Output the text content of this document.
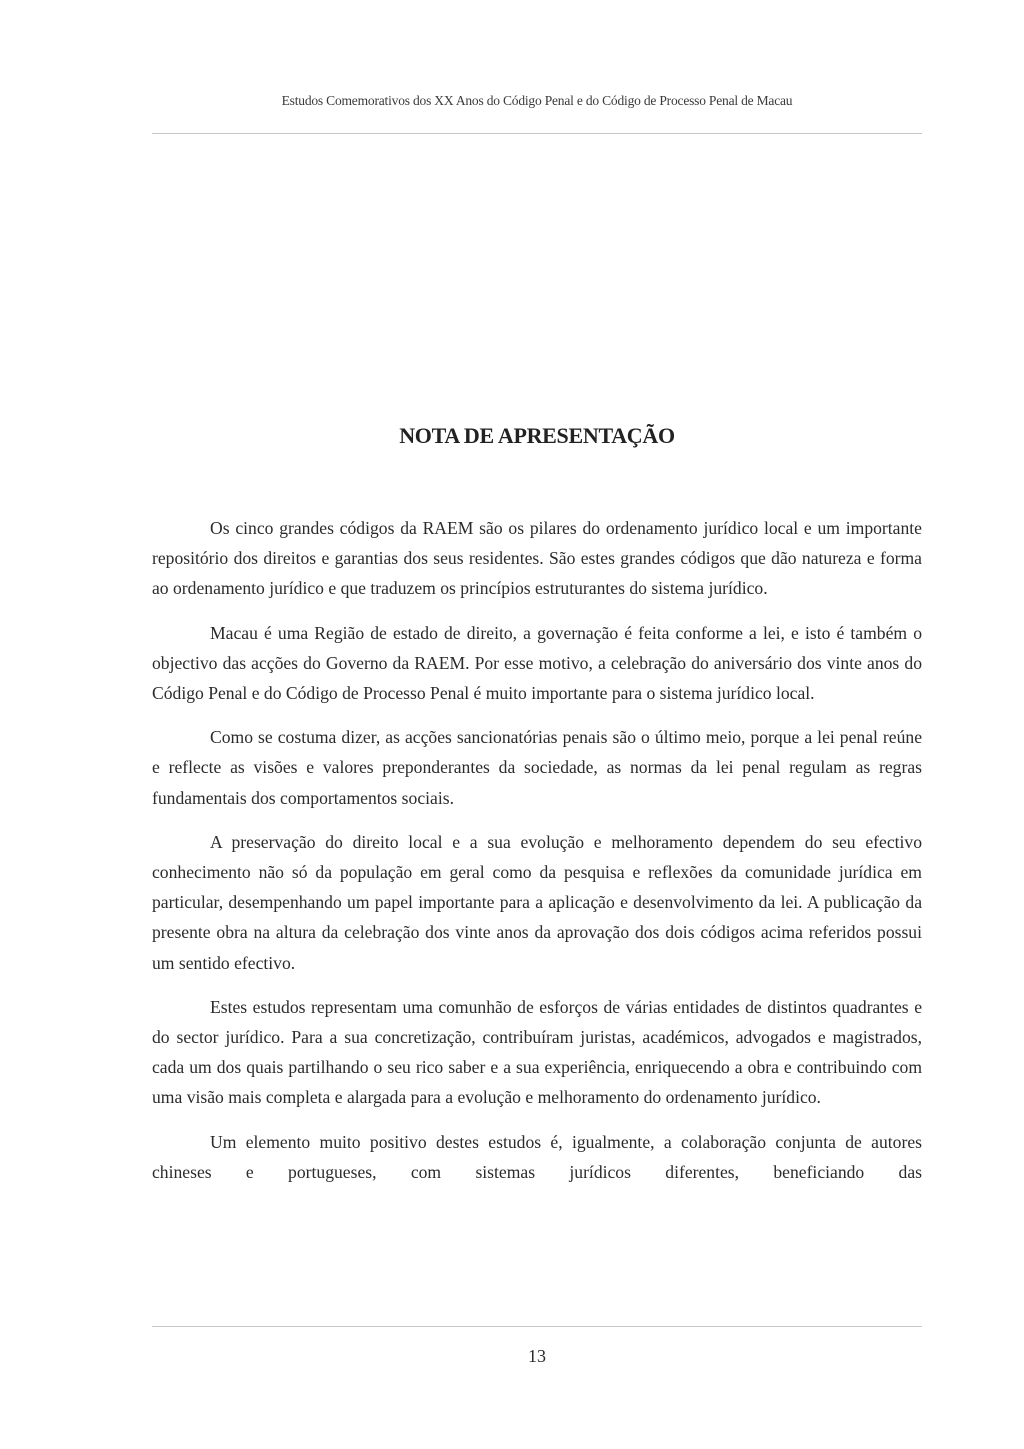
Estudos Comemorativos dos XX Anos do Código Penal e do Código de Processo Penal de Macau
NOTA DE APRESENTAÇÃO

Os cinco grandes códigos da RAEM são os pilares do ordenamento jurídico local e um importante repositório dos direitos e garantias dos seus residentes. São estes grandes códigos que dão natureza e forma ao ordenamento jurídico e que traduzem os princípios estruturantes do sistema jurídico.

Macau é uma Região de estado de direito, a governação é feita conforme a lei, e isto é também o objectivo das acções do Governo da RAEM. Por esse motivo, a celebração do aniversário dos vinte anos do Código Penal e do Código de Processo Penal é muito importante para o sistema jurídico local.

Como se costuma dizer, as acções sancionatórias penais são o último meio, porque a lei penal reúne e reflecte as visões e valores preponderantes da sociedade, as normas da lei penal regulam as regras fundamentais dos comportamentos sociais.

A preservação do direito local e a sua evolução e melhoramento dependem do seu efectivo conhecimento não só da população em geral como da pesquisa e reflexões da comunidade jurídica em particular, desempenhando um papel importante para a aplicação e desenvolvimento da lei. A publicação da presente obra na altura da celebração dos vinte anos da aprovação dos dois códigos acima referidos possui um sentido efectivo.

Estes estudos representam uma comunhão de esforços de várias entidades de distintos quadrantes e do sector jurídico. Para a sua concretização, contribuíram juristas, académicos, advogados e magistrados, cada um dos quais partilhando o seu rico saber e a sua experiência, enriquecendo a obra e contribuindo com uma visão mais completa e alargada para a evolução e melhoramento do ordenamento jurídico.

Um elemento muito positivo destes estudos é, igualmente, a colaboração conjunta de autores chineses e portugueses, com sistemas jurídicos diferentes, beneficiando das

13
